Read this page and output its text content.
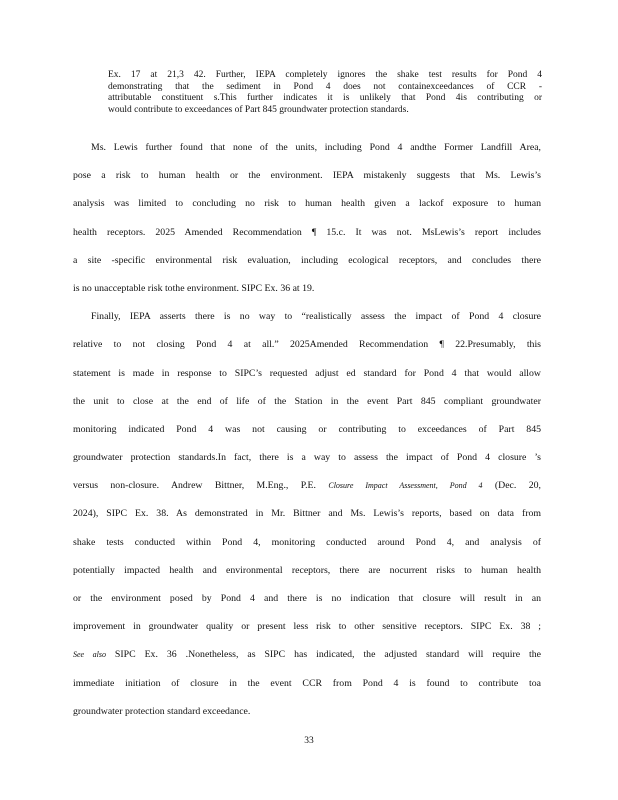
Ex. 17 at 21,3 42. Further, IEPA completely ignores the shake test results for Pond 4
demonstrating that the sediment in Pond 4 does not containexceedances of CCR -
attributable constituent s.This further indicates it is unlikely that Pond 4is contributing or
would contribute to exceedances of Part 845 groundwater protection standards.
Ms. Lewis further found that none of the units, including Pond 4 andthe Former Landfill Area,
pose a risk to human health or the environment. IEPA mistakenly suggests that Ms. Lewis’s
analysis was limited to concluding no risk to human health given a lackof exposure to human
health receptors. 2025 Amended Recommendation ¶ 15.c. It was not. MsLewis’s report includes
a site -specific environmental risk evaluation, including ecological receptors, and concludes there
is no unacceptable risk tothe environment. SIPC Ex. 36 at 19.
Finally, IEPA asserts there is no way to “realistically assess the impact of Pond 4 closure
relative to not closing Pond 4 at all.” 2025Amended Recommendation ¶ 22.Presumably, this
statement is made in response to SIPC’s requested adjust ed standard for Pond 4 that would allow
the unit to close at the end of life of the Station in the event Part 845 compliant groundwater
monitoring indicated Pond 4 was not causing or contributing to exceedances of Part 845
groundwater protection standards.In fact, there is a way to assess the impact of Pond 4 closure ’s
versus non-closure. Andrew Bittner, M.Eng., P.E. Closure Impact Assessment, Pond 4 (Dec. 20,
2024), SIPC Ex. 38. As demonstrated in Mr. Bittner and Ms. Lewis’s reports, based on data from
shake tests conducted within Pond 4, monitoring conducted around Pond 4, and analysis of
potentially impacted health and environmental receptors, there are nocurrent risks to human health
or the environment posed by Pond 4 and there is no indication that closure will result in an
improvement in groundwater quality or present less risk to other sensitive receptors. SIPC Ex. 38 ;
See also SIPC Ex. 36 .Nonetheless, as SIPC has indicated, the adjusted standard will require the
immediate initiation of closure in the event CCR from Pond 4 is found to contribute toa
groundwater protection standard exceedance.
33
